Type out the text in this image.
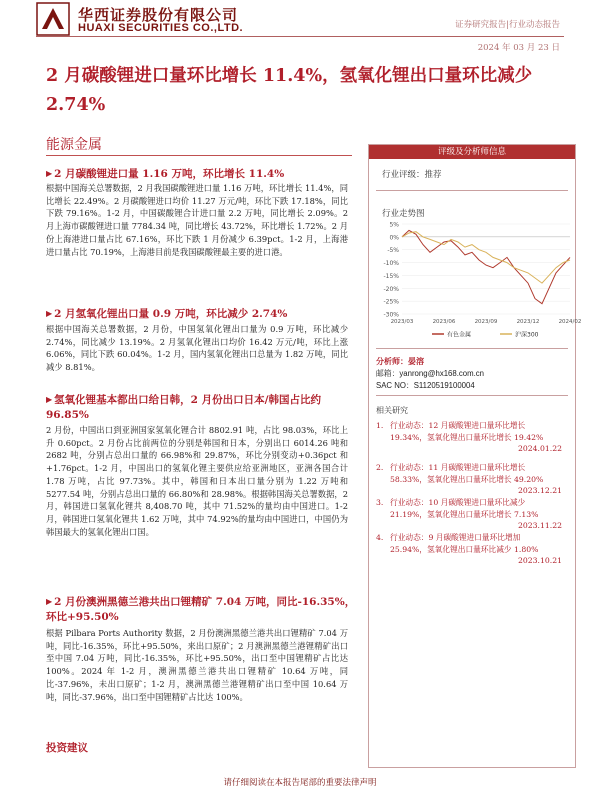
华西证券股份有限公司
HUAXI SECURITIES CO.,LTD.	证券研究报告|行业动态报告
2024 年 03 月 23 日
2 月碳酸锂进口量环比增长 11.4%，氢氧化锂出口量环比减少 2.74%
能源金属
▶ 2 月碳酸锂进口量 1.16 万吨，环比增长 11.4%
根据中国海关总署数据，2 月我国碳酸锂进口量 1.16 万吨，环比增长 11.4%，同比增长 22.49%。2 月碳酸锂进口均价 11.27 万元/吨，环比下跌 17.18%，同比下跌 79.16%。1-2 月，中国碳酸锂合计进口量 2.2 万吨，同比增长 2.09%。2 月上海市碳酸锂进口量 7784.34 吨，同比增长 43.72%，环比增长 1.72%。2 月份上海港进口量占比 67.16%，环比下跌 1 月份减少 6.39pct。1-2 月，上海港进口量占比 70.19%，上海港目前是我国碳酸锂最主要的进口港。
▶ 2 月氢氧化锂出口量 0.9 万吨，环比减少 2.74%
根据中国海关总署数据，2 月份，中国氢氧化锂出口量为 0.9 万吨，环比减少 2.74%，同比减少 13.19%。2 月氢氧化锂出口均价 16.42 万元/吨，环比上涨 6.06%，同比下跌 60.04%。1-2 月，国内氢氧化锂出口总量为 1.82 万吨，同比减少 8.81%。
▶ 氢氧化锂基本都出口给日韩，2 月份出口日本/韩国占比约 96.85%
2 月份，中国出口到亚洲国家氢氧化锂合计 8802.91 吨，占比 98.03%，环比上升 0.60pct。2 月份占比前两位的分别是韩国和日本，分别出口 6014.26 吨和 2682 吨，分别占总出口量的 66.98%和 29.87%，环比分别变动+0.36pct 和+1.76pct。1-2 月，中国出口的氢氧化锂主要供应给亚洲地区，亚洲各国合计 1.78 万吨，占比 97.73%。其中，韩国和日本出口量分别为 1.22 万吨和 5277.54 吨，分别占总出口量的 66.80%和 28.98%。根据韩国海关总署数据，2 月，韩国进口氢氧化锂共 8,408.70 吨，其中 71.52%的量均由中国进口。1-2 月，韩国进口氢氧化锂共 1.62 万吨，其中 74.92%的量均由中国进口，中国仍为韩国最大的氢氧化锂出口国。
▶ 2 月份澳洲黑德兰港共出口锂精矿 7.04 万吨，同比-16.35%，环比+95.50%
根据 Pilbara Ports Authority 数据，2 月份澳洲黑德兰港共出口锂精矿 7.04 万吨，同比-16.35%，环比+95.50%，来出口原矿；2 月澳洲黑德兰港锂精矿出口至中国 7.04 万吨，同比-16.35%，环比+95.50%，出口至中国锂精矿占比达 100%。2024 年 1-2 月，澳洲黑德兰港共出口锂精矿 10.64 万吨，同比-37.96%，未出口原矿；1-2 月，澳洲黑德兰港锂精矿出口至中国 10.64 万吨，同比-37.96%，出口至中国锂精矿占比达 100%。
投资建议
请仔细阅读在本报告尾部的重要法律声明
评级及分析师信息
行业评级：推荐
行业走势图
5%
0%
-5%
-10%
-15%
-20%
-25%
-30%
2023/03	2023/06	2023/09	2023/12	2024/02
有色金属	沪深300
分析师：晏溶
邮箱：yanrong@hx168.com.cn
SAC NO：S1120519100004
相关研究
1. 行业动态：12 月碳酸锂进口量环比增长
19.34%，氢氧化锂出口量环比增长 19.42%
2024.01.22
2. 行业动态：11 月碳酸锂进口量环比增长
58.33%，氢氧化锂出口量环比增长 49.20%
2023.12.21
3. 行业动态：10 月碳酸锂进口量环比减少
21.19%，氢氧化锂出口量环比增长 7.13%
2023.11.22
4. 行业动态：9 月碳酸锂进口量环比增加
25.94%，氢氧化锂出口量环比减少 1.80%
2023.10.21
